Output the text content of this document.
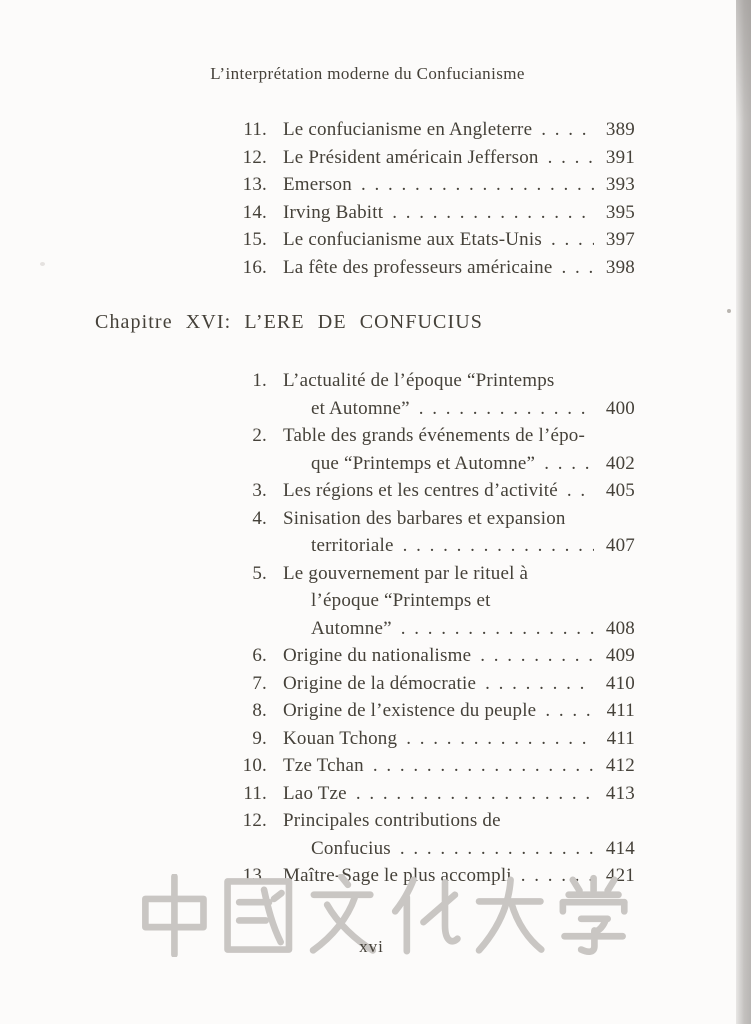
L’interprétation moderne du Confucianisme
11. Le confucianisme en Angleterre . . .	389
12. Le Président américain Jefferson . . .	391
13. Emerson . . .	393
14. Irving Babitt . . .	395
15. Le confucianisme aux Etats-Unis . . .	397
16. La fête des professeurs américaine . . .	398
Chapitre XVI: L’ERE DE CONFUCIUS
1. L’actualité de l’époque “Printemps
et Automne” . . .	400
2. Table des grands événements de l’épo-
que “Printemps et Automne” . . .	402
3. Les régions et les centres d’activité . . .	405
4. Sinisation des barbares et expansion
territoriale . . .	407
5. Le gouvernement par le rituel à
l’époque “Printemps et
Automne” . . .	408
6. Origine du nationalisme . . .	409
7. Origine de la démocratie . . .	410
8. Origine de l’existence du peuple . . .	411
9. Kouan Tchong . . .	411
10. Tze Tchan . . .	412
11. Lao Tze . . .	413
12. Principales contributions de
Confucius . . .	414
13. Maître-Sage le plus accompli . . .	421
xvi
